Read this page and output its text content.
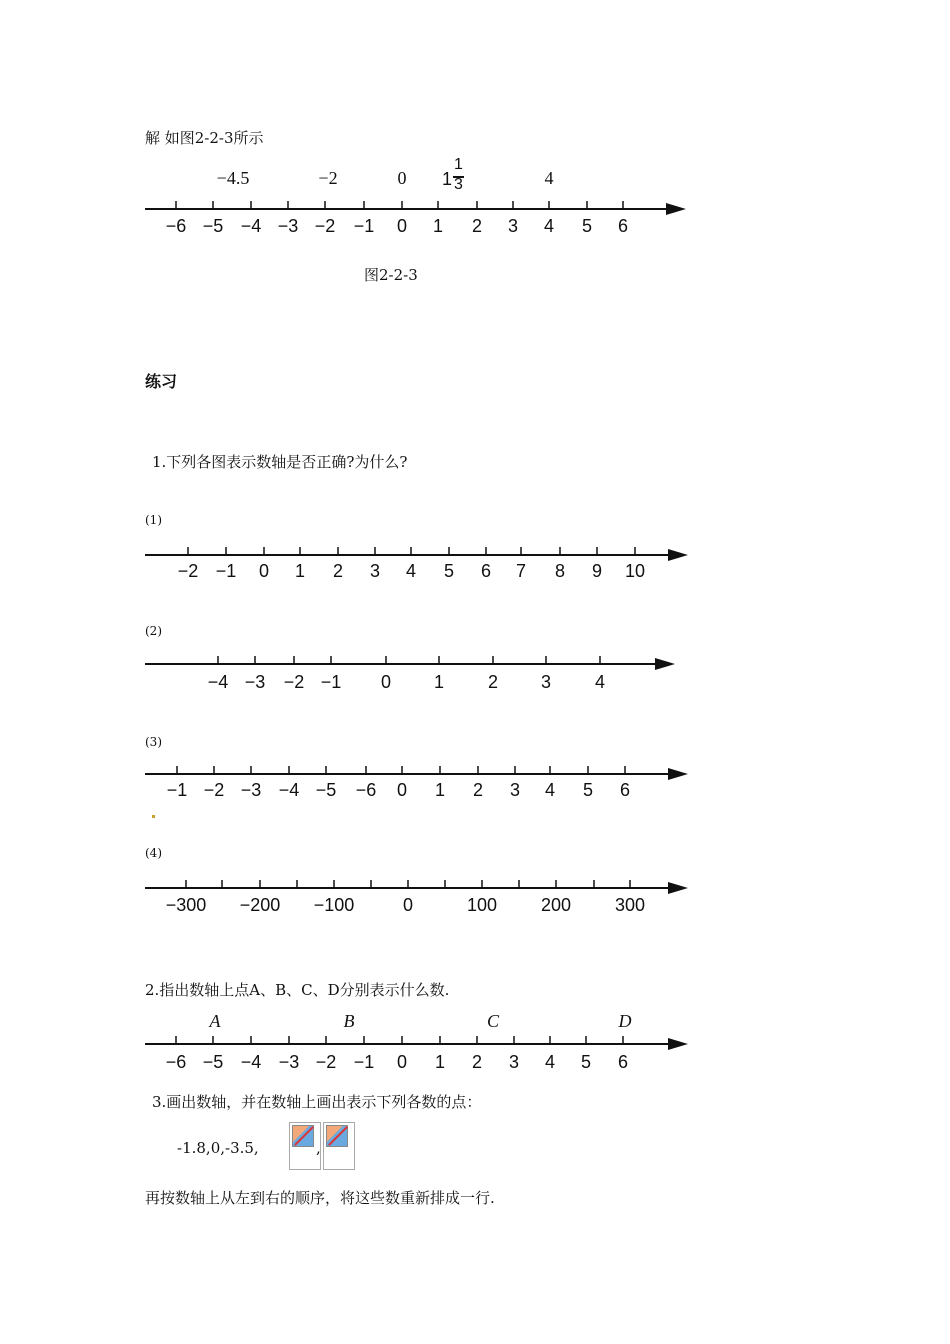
解 如图2-2-3所示
−4.5	−2	0 1
1
3	4
−6 −5 −4 −3 −2 −1 0 1 2 3 4 5 6
−2 −1 0 1 2 3 4 5 6 7 8 9 10
−4 −3 −2 −1 0 1 2 3 4
−1 −2 −3 −4 −5 −6 0 1 2 3 4 5 6
−300 −200 −100	0	100 200 300
−6 −5 −4 −3 −2 −1 0 1 2 3 4 5 6
图2-2-3
练习
1.下列各图表示数轴是否正确?为什么?
(1)
(2)
(3)
(4)
2.指出数轴上点A、B、C、D分别表示什么数.
A	B	C	D
3.画出数轴，并在数轴上画出表示下列各数的点：
-1.8,0,-3.5,	,
再按数轴上从左到右的顺序，将这些数重新排成一行.
